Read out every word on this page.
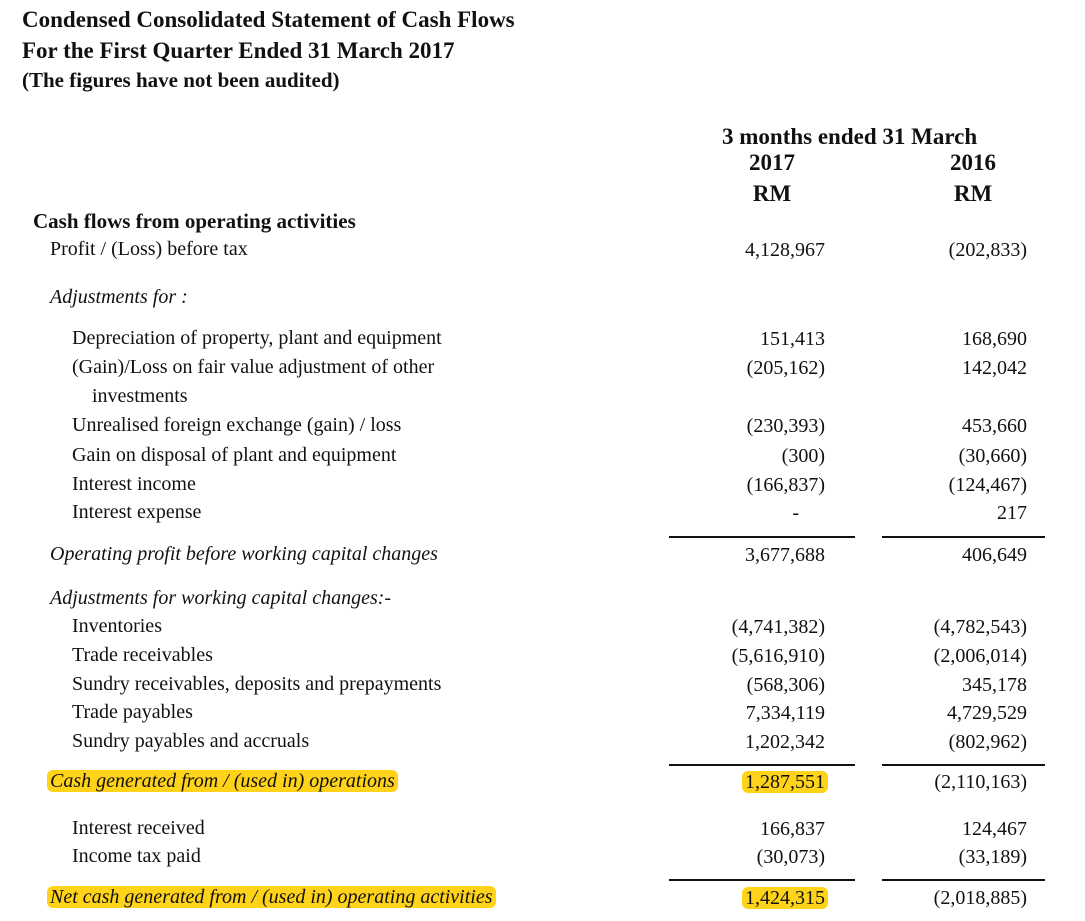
Condensed Consolidated Statement of Cash Flows
For the First Quarter Ended 31 March 2017
(The figures have not been audited)
3 months ended 31 March
2017	2016
RM	RM
Cash flows from operating activities
Profit / (Loss) before tax	4,128,967	(202,833)
Adjustments for :
Depreciation of property, plant and equipment	151,413	168,690
(Gain)/Loss on fair value adjustment of other
investments
(205,162)	142,042
Unrealised foreign exchange (gain) / loss	(230,393)	453,660
Gain on disposal of plant and equipment	(300)	(30,660)
Interest income	(166,837)	(124,467)
Interest expense	-	217
Operating profit before working capital changes	3,677,688	406,649
Adjustments for working capital changes:-
Inventories	(4,741,382)	(4,782,543)
Trade receivables	(5,616,910)	(2,006,014)
Sundry receivables, deposits and prepayments	(568,306)	345,178
Trade payables	7,334,119	4,729,529
Sundry payables and accruals	1,202,342	(802,962)
Cash generated from / (used in) operations	1,287,551	(2,110,163)
Interest received	166,837	124,467
Income tax paid	(30,073)	(33,189)
Net cash generated from / (used in) operating activities	1,424,315	(2,018,885)
